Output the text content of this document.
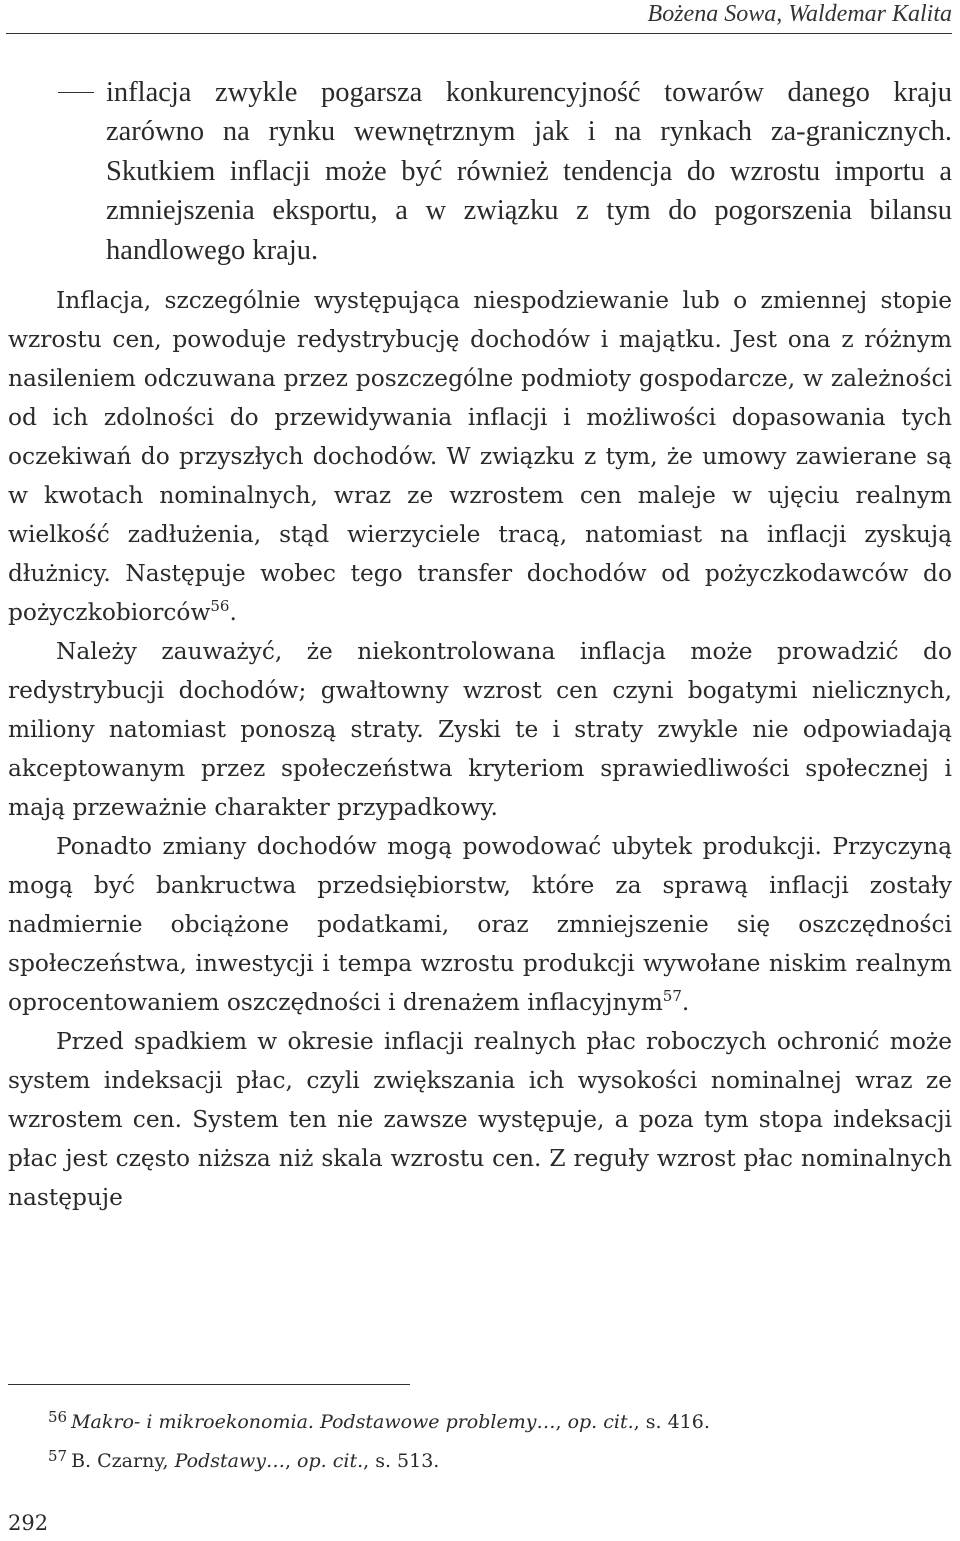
Bożena Sowa, Waldemar Kalita
inflacja zwykle pogarsza konkurencyjność towarów danego kraju zarówno na rynku wewnętrznym jak i na rynkach za-granicznych. Skutkiem inflacji może być również tendencja do wzrostu importu a zmniejszenia eksportu, a w związku z tym do pogorszenia bilansu handlowego kraju.

Inflacja, szczególnie występująca niespodziewanie lub o zmiennej stopie wzrostu cen, powoduje redystrybucję dochodów i majątku. Jest ona z różnym nasileniem odczuwana przez poszczególne podmioty gospodarcze, w zależności od ich zdolności do przewidywania inflacji i możliwości dopasowania tych oczekiwań do przyszłych dochodów. W związku z tym, że umowy zawierane są w kwotach nominalnych, wraz ze wzrostem cen maleje w ujęciu realnym wielkość zadłużenia, stąd wierzyciele tracą, natomiast na inflacji zyskują dłużnicy. Następuje wobec tego transfer dochodów od pożyczkodawców do pożyczkobiorców$^{56}$.

Należy zauważyć, że niekontrolowana inflacja może prowadzić do redystrybucji dochodów; gwałtowny wzrost cen czyni bogatymi nielicznych, miliony natomiast ponoszą straty. Zyski te i straty zwykle nie odpowiadają akceptowanym przez społeczeństwa kryteriom sprawiedliwości społecznej i mają przeważnie charakter przypadkowy.

Ponadto zmiany dochodów mogą powodować ubytek produkcji. Przyczyną mogą być bankructwa przedsiębiorstw, które za sprawą inflacji zostały nadmiernie obciążone podatkami, oraz zmniejszenie się oszczędności społeczeństwa, inwestycji i tempa wzrostu produkcji wywołane niskim realnym oprocentowaniem oszczędności i drenażem inflacyjnym$^{57}$.

Przed spadkiem w okresie inflacji realnych płac roboczych ochronić może system indeksacji płac, czyli zwiększania ich wysokości nominalnej wraz ze wzrostem cen. System ten nie zawsze występuje, a poza tym stopa indeksacji płac jest często niższa niż skala wzrostu cen. Z reguły wzrost płac nominalnych następuje

$^{56}$ Makro- i mikroekonomia. Podstawowe problemy…, op. cit., s. 416.
$^{57}$ B. Czarny, Podstawy…, op. cit., s. 513.
292
